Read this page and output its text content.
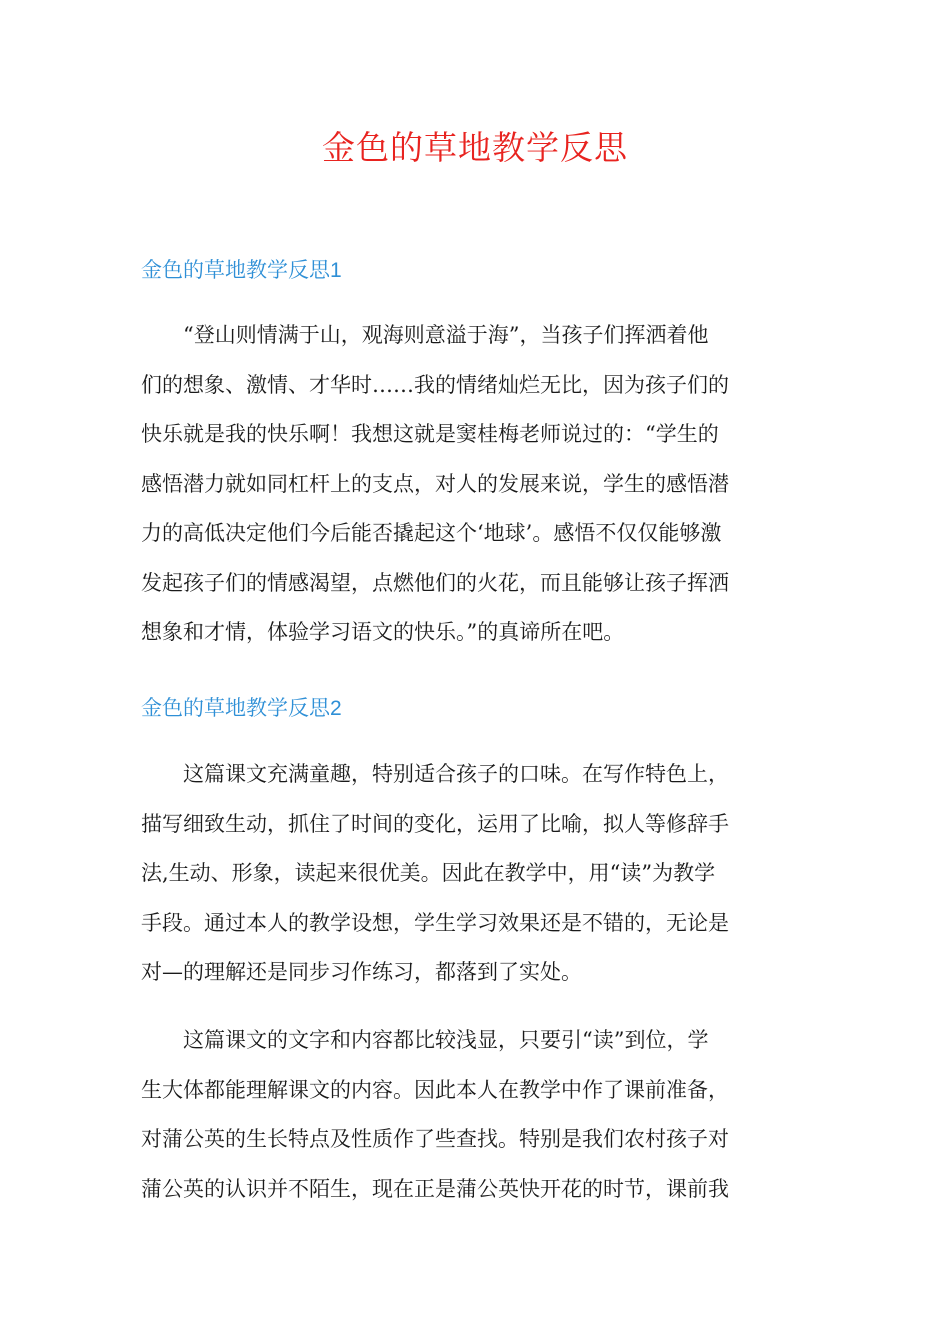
金色的草地教学反思
金色的草地教学反思1
“登山则情满于山，观海则意溢于海”，当孩子们挥洒着他
们的想象、激情、才华时……我的情绪灿烂无比，因为孩子们的
快乐就是我的快乐啊！我想这就是窦桂梅老师说过的：“学生的
感悟潜力就如同杠杆上的支点，对人的发展来说，学生的感悟潜
力的高低决定他们今后能否撬起这个‘地球’。感悟不仅仅能够激
发起孩子们的情感渴望，点燃他们的火花，而且能够让孩子挥洒
想象和才情，体验学习语文的快乐。”的真谛所在吧。
金色的草地教学反思2
这篇课文充满童趣，特别适合孩子的口味。在写作特色上，
描写细致生动，抓住了时间的变化，运用了比喻，拟人等修辞手
法,生动、形象，读起来很优美。因此在教学中，用“读”为教学
手段。通过本人的教学设想，学生学习效果还是不错的，无论是
对—的理解还是同步习作练习，都落到了实处。
这篇课文的文字和内容都比较浅显，只要引“读”到位，学
生大体都能理解课文的内容。因此本人在教学中作了课前准备，
对蒲公英的生长特点及性质作了些查找。特别是我们农村孩子对
蒲公英的认识并不陌生，现在正是蒲公英快开花的时节，课前我
